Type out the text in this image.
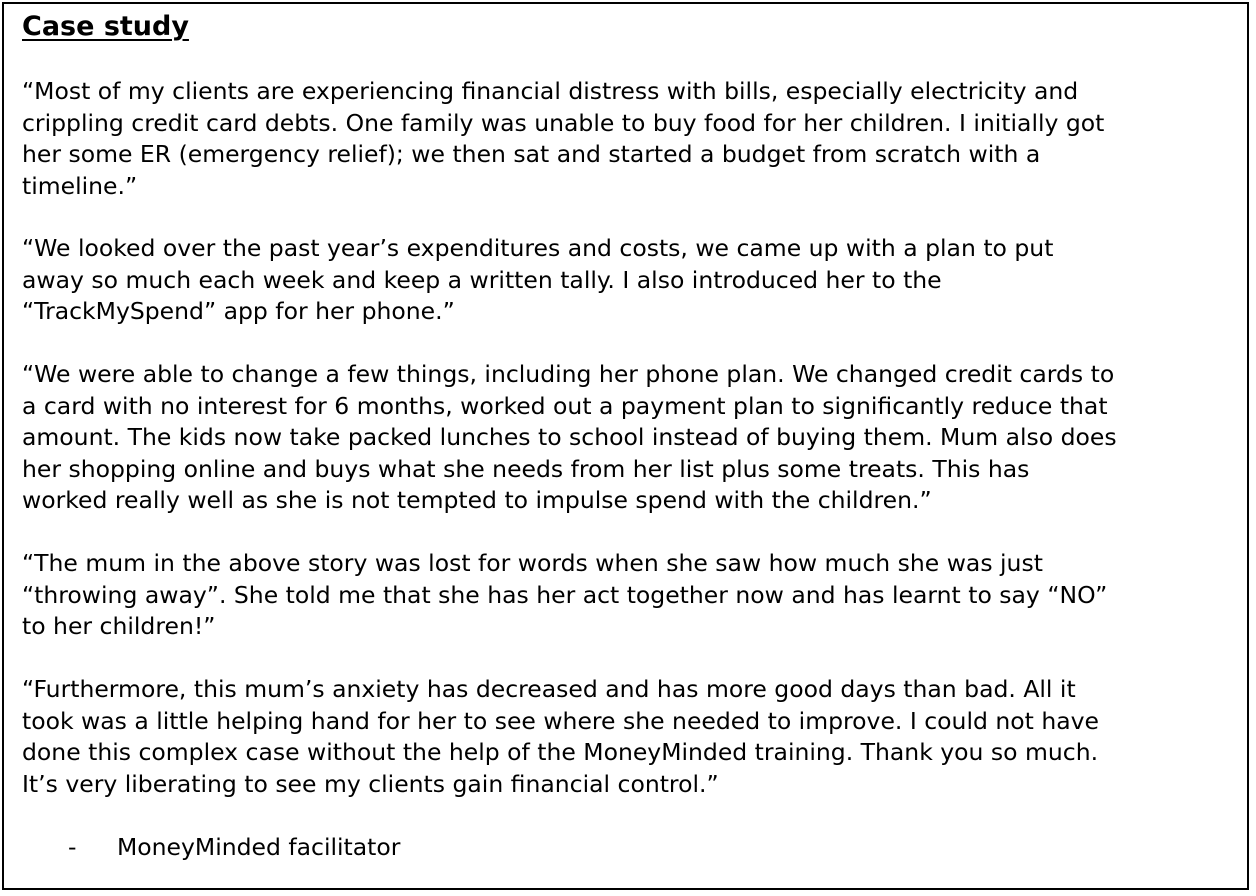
Case study

“Most of my clients are experiencing financial distress with bills, especially electricity and
crippling credit card debts. One family was unable to buy food for her children. I initially got
her some ER (emergency relief); we then sat and started a budget from scratch with a
timeline.”

“We looked over the past year’s expenditures and costs, we came up with a plan to put
away so much each week and keep a written tally. I also introduced her to the
“TrackMySpend” app for her phone.”

“We were able to change a few things, including her phone plan. We changed credit cards to
a card with no interest for 6 months, worked out a payment plan to significantly reduce that
amount. The kids now take packed lunches to school instead of buying them. Mum also does
her shopping online and buys what she needs from her list plus some treats. This has
worked really well as she is not tempted to impulse spend with the children.”

“The mum in the above story was lost for words when she saw how much she was just
“throwing away”. She told me that she has her act together now and has learnt to say “NO”
to her children!”

“Furthermore, this mum’s anxiety has decreased and has more good days than bad. All it
took was a little helping hand for her to see where she needed to improve. I could not have
done this complex case without the help of the MoneyMinded training. Thank you so much.
It’s very liberating to see my clients gain financial control.”

- MoneyMinded facilitator
